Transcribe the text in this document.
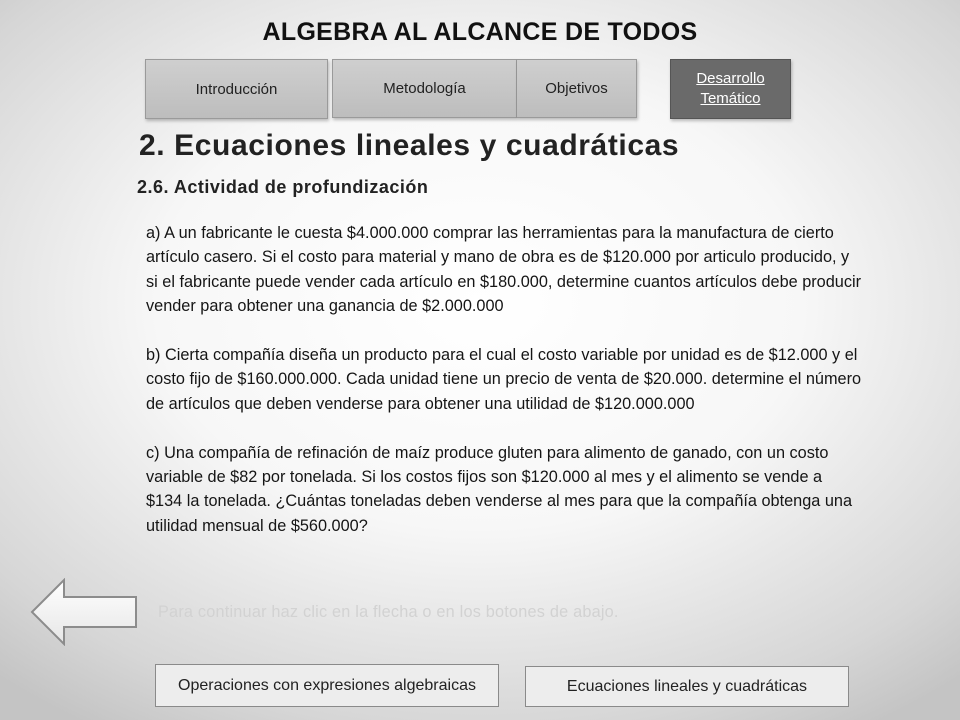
ALGEBRA AL ALCANCE DE TODOS
Introducción	Metodología	Objetivos
Desarrollo
Temático
2. Ecuaciones lineales y cuadráticas
2.6. Actividad de profundización

a) A un fabricante le cuesta $4.000.000 comprar las herramientas para la manufactura de cierto artículo casero. Si el costo para material y mano de obra es de $120.000 por articulo producido, y si el fabricante puede vender cada artículo en $180.000, determine cuantos artículos debe producir vender para obtener una ganancia de $2.000.000

b) Cierta compañía diseña un producto para el cual el costo variable por unidad es de $12.000 y el costo fijo de $160.000.000. Cada unidad tiene un precio de venta de $20.000. determine el número de artículos que deben venderse para obtener una utilidad de $120.000.000

c) Una compañía de refinación de maíz produce gluten para alimento de ganado, con un costo variable de $82 por tonelada. Si los costos fijos son $120.000 al mes y el alimento se vende a $134 la tonelada. ¿Cuántas toneladas deben venderse al mes para que la compañía obtenga una utilidad mensual de $560.000?

Para continuar haz clic en la flecha o en los botones de abajo.
Operaciones con expresiones algebraicas	Ecuaciones lineales y cuadráticas
